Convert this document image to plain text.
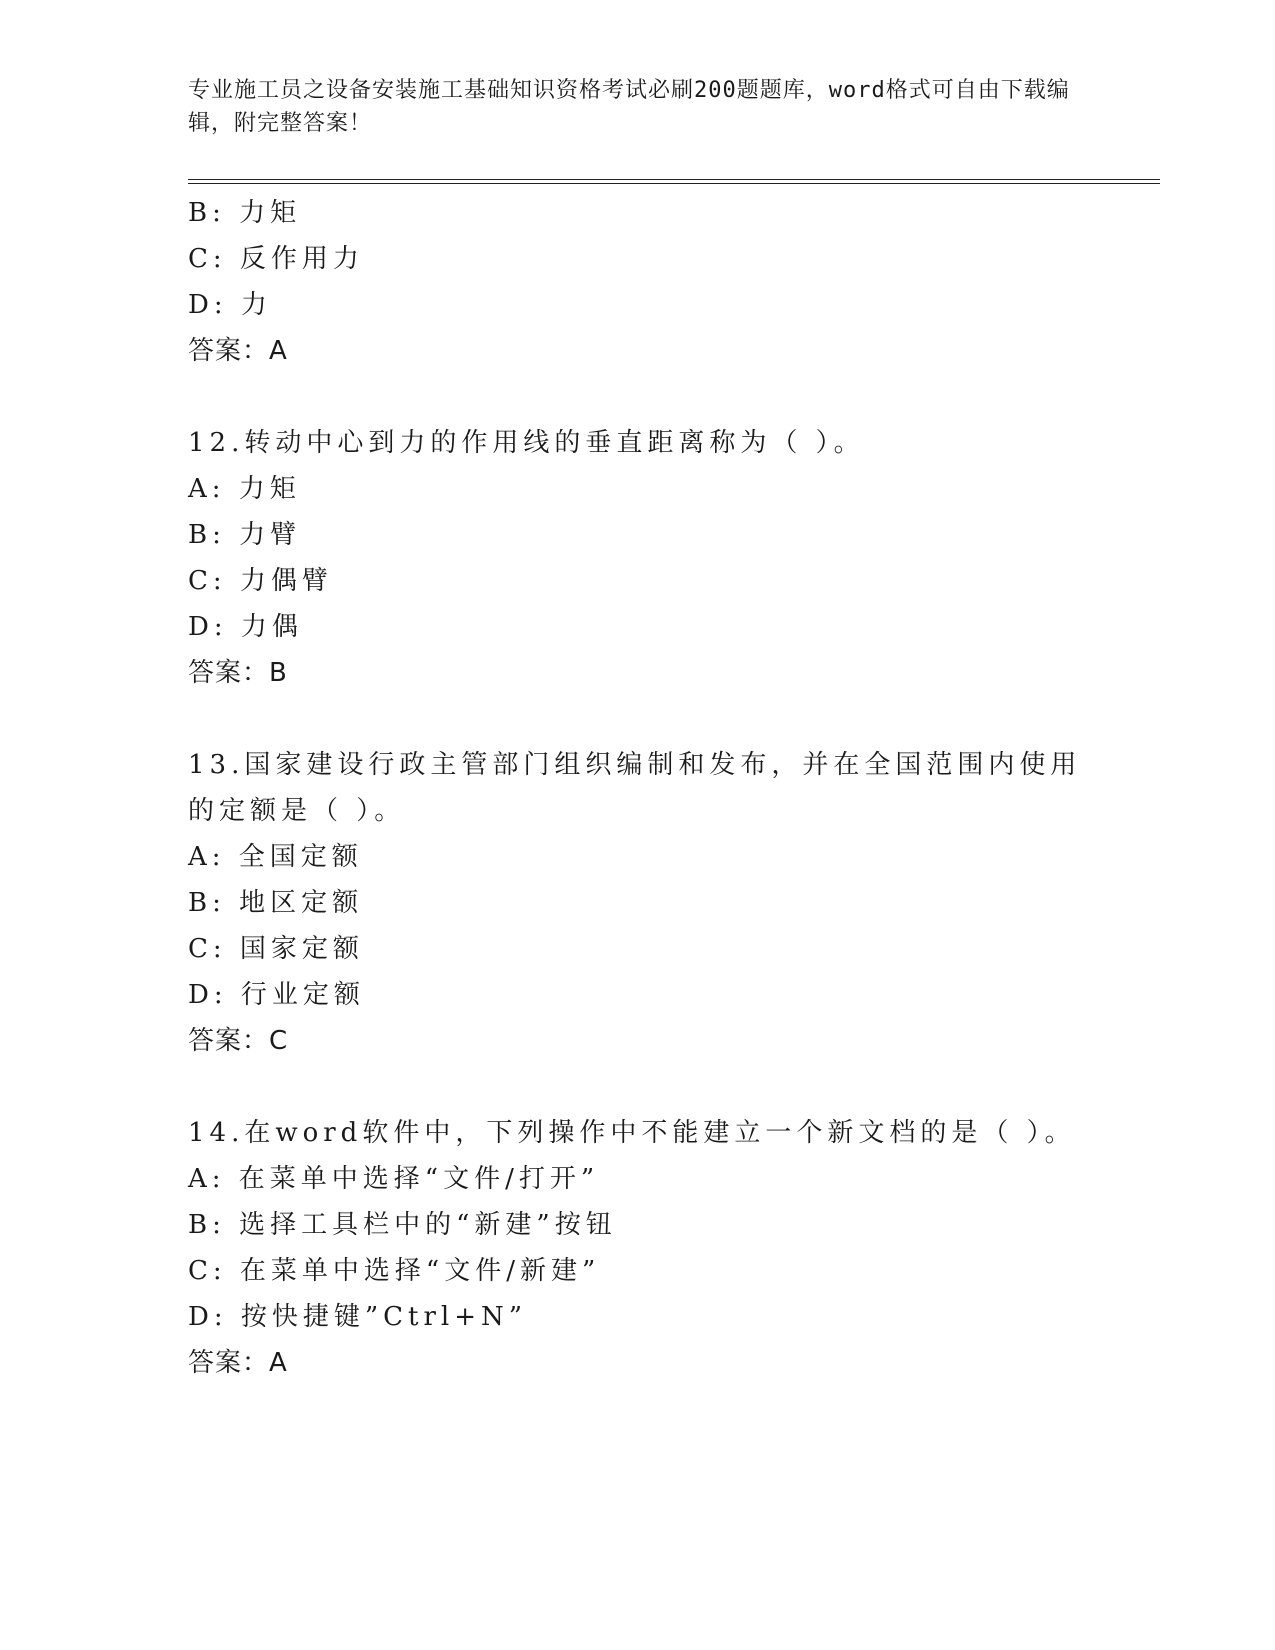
专业施工员之设备安装施工基础知识资格考试必刷200题题库，word格式可自由下载编辑，附完整答案！
B: 力矩
C: 反作用力
D: 力
答案：A
12.转动中心到力的作用线的垂直距离称为（ ）。
A: 力矩
B: 力臂
C: 力偶臂
D: 力偶
答案：B
13.国家建设行政主管部门组织编制和发布，并在全国范围内使用的定额是（ ）。
A: 全国定额
B: 地区定额
C: 国家定额
D: 行业定额
答案：C
14.在word软件中，下列操作中不能建立一个新文档的是（ ）。
A: 在菜单中选择“文件/打开”
B: 选择工具栏中的“新建”按钮
C: 在菜单中选择“文件/新建”
D: 按快捷键”Ctrl+N”
答案：A
